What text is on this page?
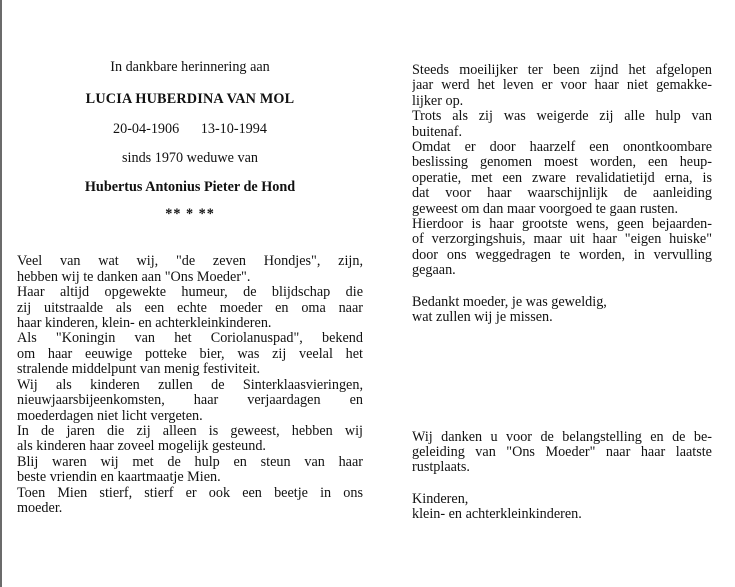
In dankbare herinnering aan
LUCIA HUBERDINA VAN MOL
20-04-1906 13-10-1994
sinds 1970 weduwe van
Hubertus Antonius Pieter de Hond
** * **
Veel van wat wij, "de zeven Hondjes", zijn,
hebben wij te danken aan "Ons Moeder".
Haar altijd opgewekte humeur, de blijdschap die
zij uitstraalde als een echte moeder en oma naar
haar kinderen, klein- en achterkleinkinderen.
Als "Koningin van het Coriolanuspad", bekend
om haar eeuwige potteke bier, was zij veelal het
stralende middelpunt van menig festiviteit.
Wij als kinderen zullen de Sinterklaasvieringen,
nieuwjaarsbijeenkomsten, haar verjaardagen en
moederdagen niet licht vergeten.
In de jaren die zij alleen is geweest, hebben wij
als kinderen haar zoveel mogelijk gesteund.
Blij waren wij met de hulp en steun van haar
beste vriendin en kaartmaatje Mien.
Toen Mien stierf, stierf er ook een beetje in ons
moeder.
Steeds moeilijker ter been zijnd het afgelopen
jaar werd het leven er voor haar niet gemakke-
lijker op.
Trots als zij was weigerde zij alle hulp van
buitenaf.
Omdat er door haarzelf een onontkoombare
beslissing genomen moest worden, een heup-
operatie, met een zware revalidatietijd erna, is
dat voor haar waarschijnlijk de aanleiding
geweest om dan maar voorgoed te gaan rusten.
Hierdoor is haar grootste wens, geen bejaarden-
of verzorgingshuis, maar uit haar "eigen huiske"
door ons weggedragen te worden, in vervulling
gegaan.
Bedankt moeder, je was geweldig,
wat zullen wij je missen.
Wij danken u voor de belangstelling en de be-
geleiding van "Ons Moeder" naar haar laatste
rustplaats.
Kinderen,
klein- en achterkleinkinderen.
